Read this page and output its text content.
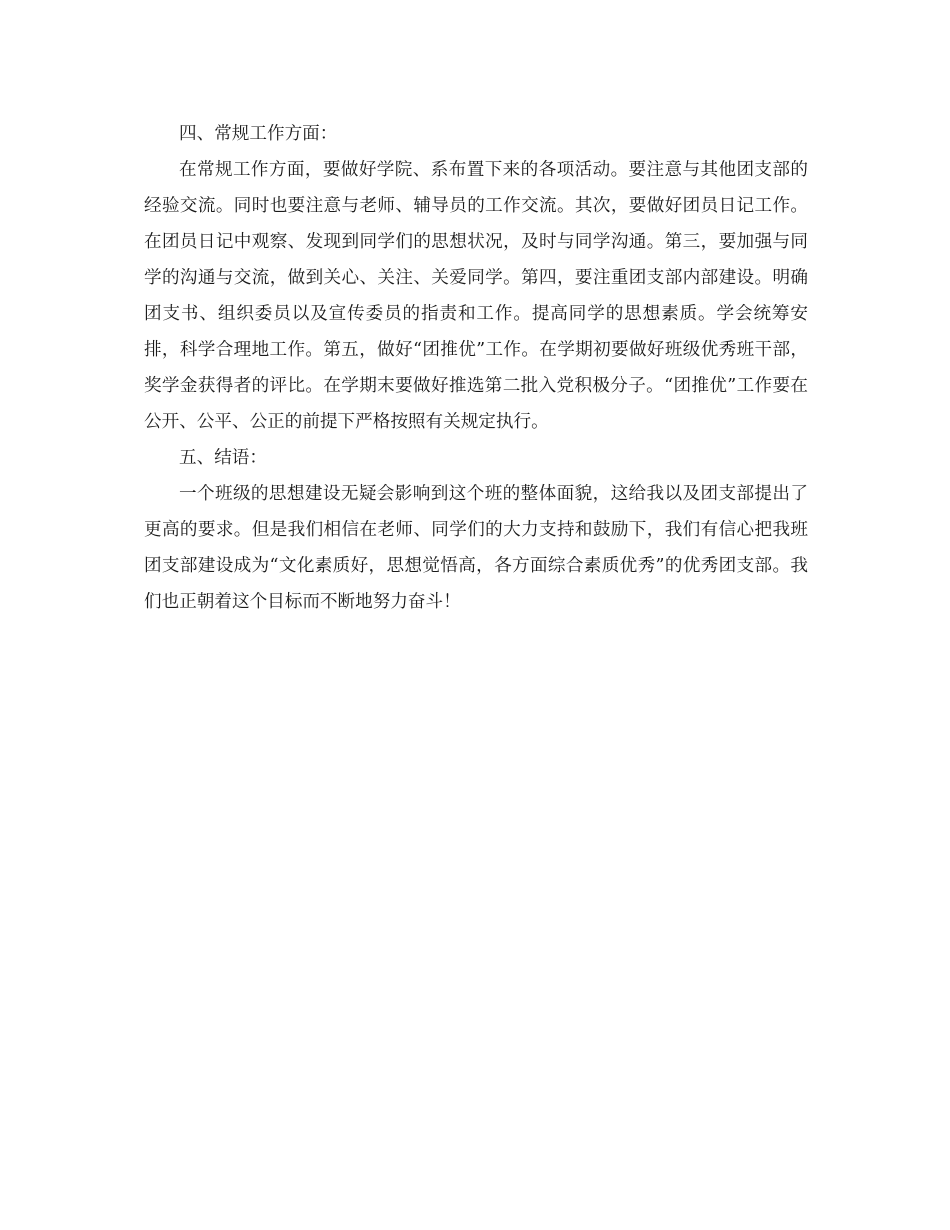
四、常规工作方面：

在常规工作方面，要做好学院、系布置下来的各项活动。要注意与其他团支部的经验交流。同时也要注意与老师、辅导员的工作交流。其次，要做好团员日记工作。在团员日记中观察、发现到同学们的思想状况，及时与同学沟通。第三，要加强与同学的沟通与交流，做到关心、关注、关爱同学。第四，要注重团支部内部建设。明确团支书、组织委员以及宣传委员的指责和工作。提高同学的思想素质。学会统筹安排，科学合理地工作。第五，做好“团推优”工作。在学期初要做好班级优秀班干部，奖学金获得者的评比。在学期末要做好推选第二批入党积极分子。“团推优”工作要在公开、公平、公正的前提下严格按照有关规定执行。

五、结语：

一个班级的思想建设无疑会影响到这个班的整体面貌，这给我以及团支部提出了更高的要求。但是我们相信在老师、同学们的大力支持和鼓励下，我们有信心把我班团支部建设成为“文化素质好，思想觉悟高，各方面综合素质优秀”的优秀团支部。我们也正朝着这个目标而不断地努力奋斗！
